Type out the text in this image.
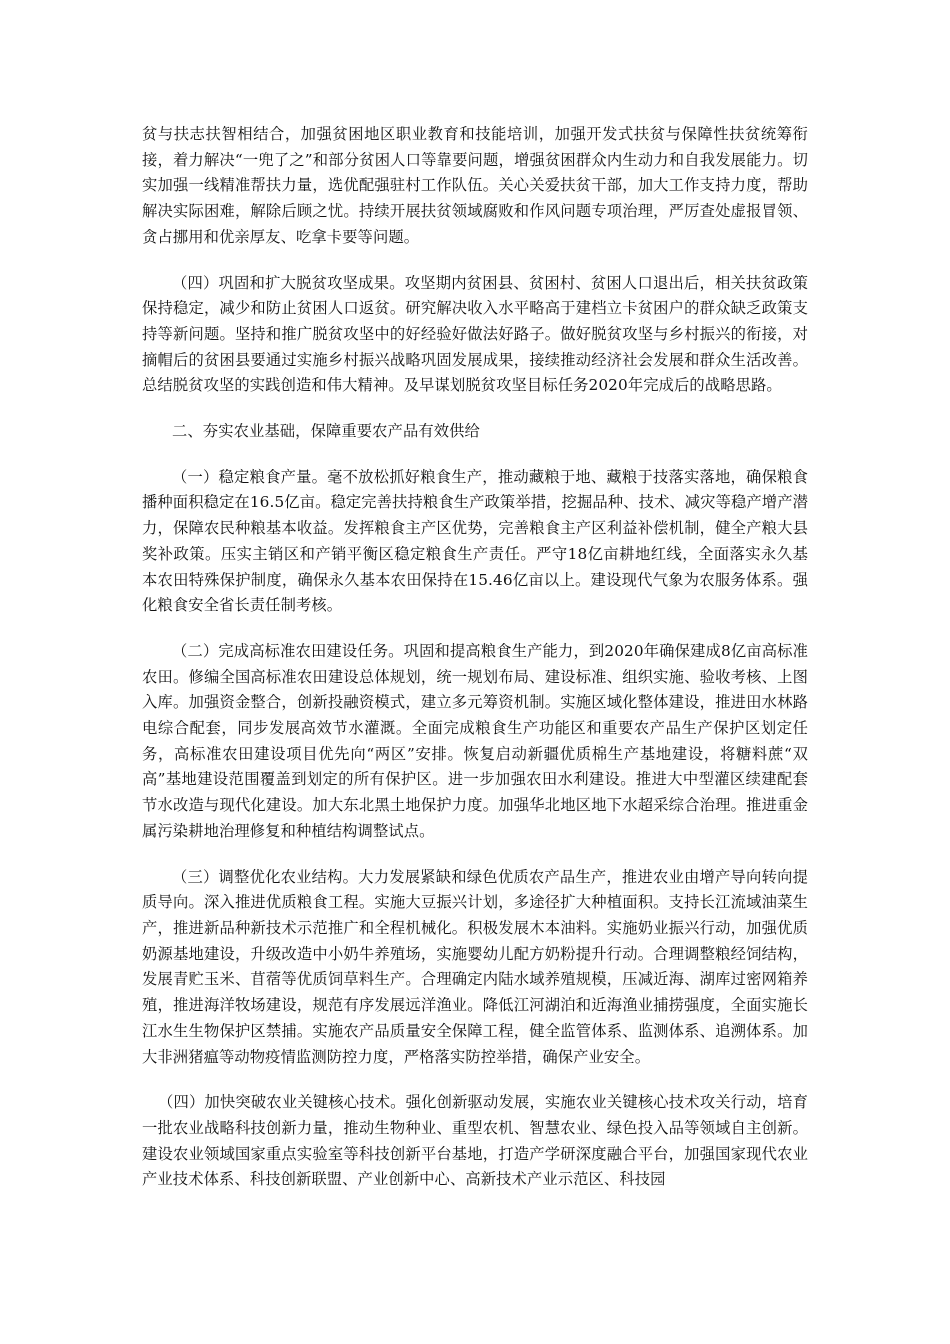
贫与扶志扶智相结合，加强贫困地区职业教育和技能培训，加强开发式扶贫与保障性扶贫统筹衔接，着力解决“一兜了之”和部分贫困人口等靠要问题，增强贫困群众内生动力和自我发展能力。切实加强一线精准帮扶力量，选优配强驻村工作队伍。关心关爱扶贫干部，加大工作支持力度，帮助解决实际困难，解除后顾之忧。持续开展扶贫领域腐败和作风问题专项治理，严厉查处虚报冒领、贪占挪用和优亲厚友、吃拿卡要等问题。

（四）巩固和扩大脱贫攻坚成果。攻坚期内贫困县、贫困村、贫困人口退出后，相关扶贫政策保持稳定，减少和防止贫困人口返贫。研究解决收入水平略高于建档立卡贫困户的群众缺乏政策支持等新问题。坚持和推广脱贫攻坚中的好经验好做法好路子。做好脱贫攻坚与乡村振兴的衔接，对摘帽后的贫困县要通过实施乡村振兴战略巩固发展成果，接续推动经济社会发展和群众生活改善。总结脱贫攻坚的实践创造和伟大精神。及早谋划脱贫攻坚目标任务2020年完成后的战略思路。

二、夯实农业基础，保障重要农产品有效供给

（一）稳定粮食产量。毫不放松抓好粮食生产，推动藏粮于地、藏粮于技落实落地，确保粮食播种面积稳定在16.5亿亩。稳定完善扶持粮食生产政策举措，挖掘品种、技术、减灾等稳产增产潜力，保障农民种粮基本收益。发挥粮食主产区优势，完善粮食主产区利益补偿机制，健全产粮大县奖补政策。压实主销区和产销平衡区稳定粮食生产责任。严守18亿亩耕地红线，全面落实永久基本农田特殊保护制度，确保永久基本农田保持在15.46亿亩以上。建设现代气象为农服务体系。强化粮食安全省长责任制考核。

（二）完成高标准农田建设任务。巩固和提高粮食生产能力，到2020年确保建成8亿亩高标准农田。修编全国高标准农田建设总体规划，统一规划布局、建设标准、组织实施、验收考核、上图入库。加强资金整合，创新投融资模式，建立多元筹资机制。实施区域化整体建设，推进田水林路电综合配套，同步发展高效节水灌溉。全面完成粮食生产功能区和重要农产品生产保护区划定任务，高标准农田建设项目优先向“两区”安排。恢复启动新疆优质棉生产基地建设，将糖料蔗“双高”基地建设范围覆盖到划定的所有保护区。进一步加强农田水利建设。推进大中型灌区续建配套节水改造与现代化建设。加大东北黑土地保护力度。加强华北地区地下水超采综合治理。推进重金属污染耕地治理修复和种植结构调整试点。

（三）调整优化农业结构。大力发展紧缺和绿色优质农产品生产，推进农业由增产导向转向提质导向。深入推进优质粮食工程。实施大豆振兴计划，多途径扩大种植面积。支持长江流域油菜生产，推进新品种新技术示范推广和全程机械化。积极发展木本油料。实施奶业振兴行动，加强优质奶源基地建设，升级改造中小奶牛养殖场，实施婴幼儿配方奶粉提升行动。合理调整粮经饲结构，发展青贮玉米、苜蓿等优质饲草料生产。合理确定内陆水域养殖规模，压减近海、湖库过密网箱养殖，推进海洋牧场建设，规范有序发展远洋渔业。降低江河湖泊和近海渔业捕捞强度，全面实施长江水生生物保护区禁捕。实施农产品质量安全保障工程，健全监管体系、监测体系、追溯体系。加大非洲猪瘟等动物疫情监测防控力度，严格落实防控举措，确保产业安全。

（四）加快突破农业关键核心技术。强化创新驱动发展，实施农业关键核心技术攻关行动，培育一批农业战略科技创新力量，推动生物种业、重型农机、智慧农业、绿色投入品等领域自主创新。建设农业领域国家重点实验室等科技创新平台基地，打造产学研深度融合平台，加强国家现代农业产业技术体系、科技创新联盟、产业创新中心、高新技术产业示范区、科技园
